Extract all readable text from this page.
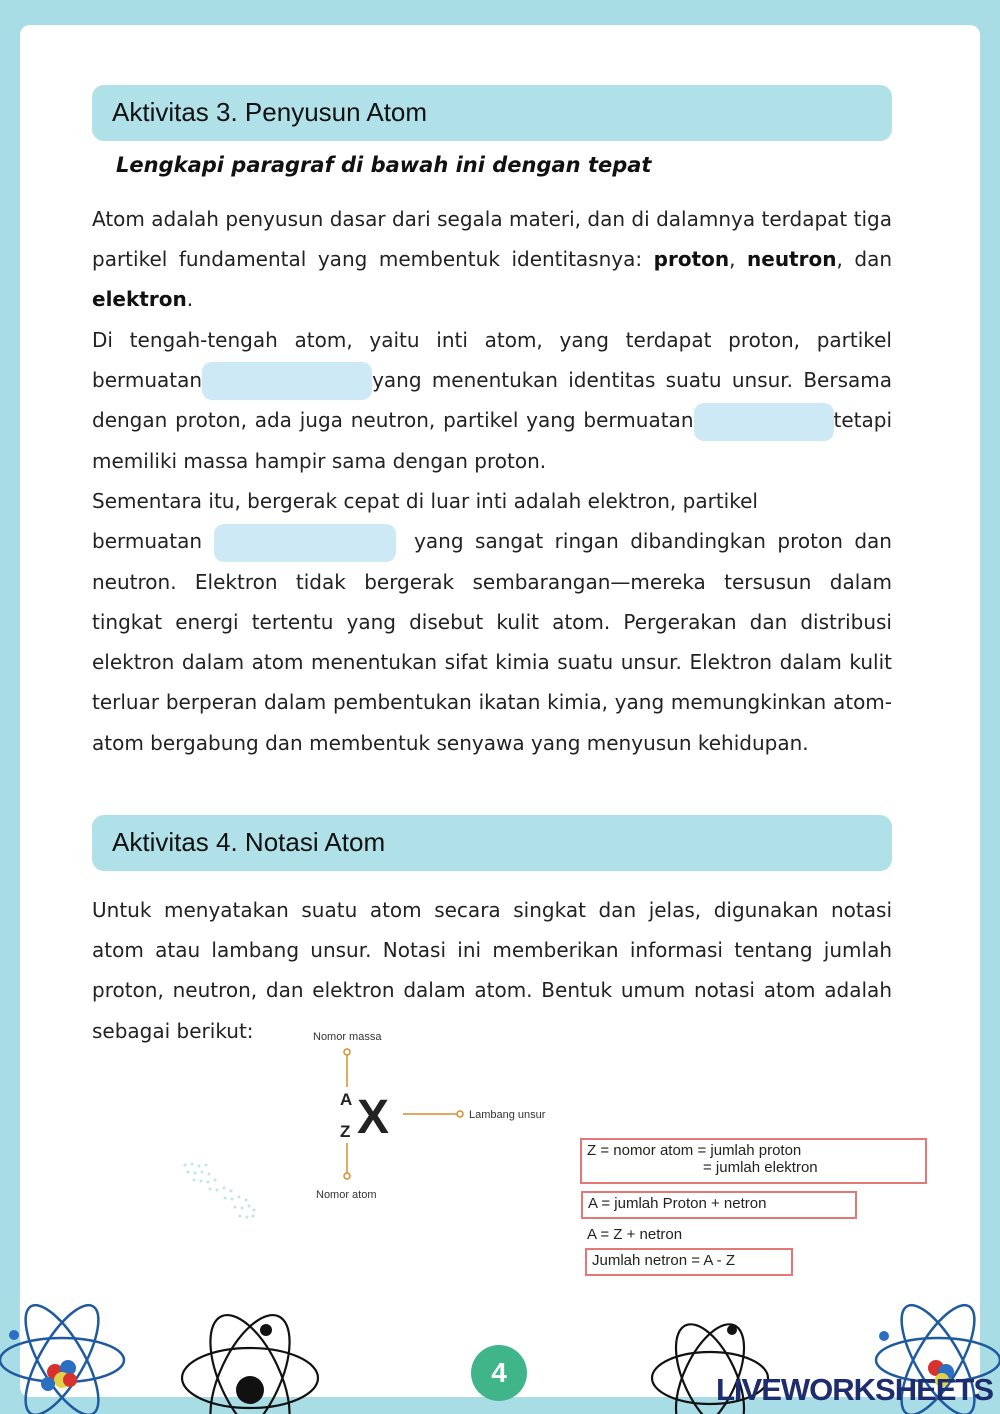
Aktivitas 3. Penyusun Atom
Lengkapi paragraf di bawah ini dengan tepat

Atom adalah penyusun dasar dari segala materi, dan di dalamnya terdapat tiga partikel fundamental yang membentuk identitasnya: proton, neutron, dan elektron.

Di tengah-tengah atom, yaitu inti atom, yang terdapat proton, partikel bermuatan	yang menentukan identitas suatu unsur. Bersama dengan proton, ada juga neutron, partikel yang bermuatan	tetapi memiliki massa hampir sama dengan proton.

Sementara itu, bergerak cepat di luar inti adalah elektron, partikel

bermuatan	yang sangat ringan dibandingkan proton dan neutron. Elektron tidak bergerak sembarangan—mereka tersusun dalam tingkat energi tertentu yang disebut kulit atom. Pergerakan dan distribusi elektron dalam atom menentukan sifat kimia suatu unsur. Elektron dalam kulit terluar berperan dalam pembentukan ikatan kimia, yang memungkinkan atom-atom bergabung dan membentuk senyawa yang menyusun kehidupan.

Aktivitas 4. Notasi Atom

Untuk menyatakan suatu atom secara singkat dan jelas, digunakan notasi atom atau lambang unsur. Notasi ini memberikan informasi tentang jumlah proton, neutron, dan elektron dalam atom. Bentuk umum notasi atom adalah sebagai berikut:	Nomor massa
A
Z X	Lambang unsur
Nomor atom
Z = nomor atom = jumlah proton
= jumlah elektron
A = jumlah Proton + netron
A = Z + netron
Jumlah netron = A - Z
4	LIVEWORKSHEETS
